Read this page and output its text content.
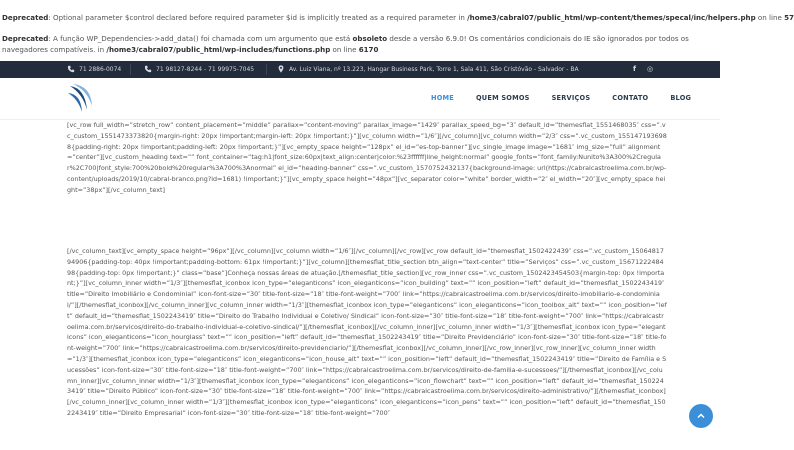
Deprecated: Optional parameter $control declared before required parameter $id is implicitly treated as a required parameter in /home3/cabral07/public_html/wp-content/themes/specal/inc/helpers.php on line 57
Deprecated: A função WP_Dependencies->add_data() foi chamada com um argumento que está obsoleto desde a versão 6.9.0! Os comentários condicionais do IE são ignorados por todos os navegadores compatíveis. in /home3/cabral07/public_html/wp-includes/functions.php on line 6170
71 2886-0074	71 98127-8244 - 71 99975-7045	Av. Luiz Viana, nº 13.223, Hangar Business Park, Torre 1, Sala 411, São Cristóvão - Salvador - BA	f ◎
HOME	QUEM SOMOS	SERVIÇOS	CONTATO	BLOG
[vc_row full_width=”stretch_row” content_placement=”middle” parallax=”content-moving” parallax_image=”1429″ parallax_speed_bg=”3″ default_id=”themesflat_1551468035″ css=”.vc_custom_1551473373820{margin-right: 20px !important;margin-left: 20px !important;}”][vc_column width=”1/6″][/vc_column][vc_column width=”2/3″ css=”.vc_custom_1551471936988{padding-right: 20px !important;padding-left: 20px !important;}”][vc_empty_space height=”128px” el_id=”es-top-banner”][vc_single_image image=”1681″ img_size=”full” alignment=”center”][vc_custom_heading text=”” font_container=”tag:h1|font_size:60px|text_align:center|color:%23ffffff|line_height:normal” google_fonts=”font_family:Nunito%3A300%2Cregular%2C700|font_style:700%20bold%20regular%3A700%3Anormal” el_id=”heading-banner” css=”.vc_custom_1570752432137{background-image: url(https://cabralcastroelima.com.br/wp-content/uploads/2019/10/cabral-branco.png?id=1681) !important;}”][vc_empty_space height=”48px”][vc_separator color=”white” border_width=”2″ el_width=”20″][vc_empty_space height=”38px”][/vc_column_text]
[/vc_column_text][vc_empty_space height=”96px”][/vc_column][vc_column width=”1/6″][/vc_column][/vc_row][vc_row default_id=”themesflat_1502422439″ css=”.vc_custom_1506481794906{padding-top: 40px !important;padding-bottom: 61px !important;}”][vc_column][themesflat_title_section btn_align=”text-center” title=”Serviços” css=”.vc_custom_1567122248498{padding-top: 0px !important;}” class=”base”]Conheça nossas áreas de atuação.[/themesflat_title_section][vc_row_inner css=”.vc_custom_1502423454503{margin-top: 0px !important;}”][vc_column_inner width=”1/3″][themesflat_iconbox icon_type=”eleganticons” icon_eleganticons=”icon_building” text=”” icon_position=”left” default_id=”themesflat_1502243419″ title=”Direito Imobiliário e Condominial” icon-font-size=”30″ title-font-size=”18″ title-font-weight=”700″ link=”https://cabralcastroelima.com.br/servicos/direito-imobiliario-e-condominial/”][/themesflat_iconbox][/vc_column_inner][vc_column_inner width=”1/3″][themesflat_iconbox icon_type=”eleganticons” icon_eleganticons=”icon_toolbox_alt” text=”” icon_position=”left” default_id=”themesflat_1502243419″ title=”Direito do Trabalho Individual e Coletivo/ Sindical” icon-font-size=”30″ title-font-size=”18″ title-font-weight=”700″ link=”https://cabralcastroelima.com.br/servicos/direito-do-trabalho-individual-e-coletivo-sindical/”][/themesflat_iconbox][/vc_column_inner][vc_column_inner width=”1/3″][themesflat_iconbox icon_type=”eleganticons” icon_eleganticons=”icon_hourglass” text=”” icon_position=”left” default_id=”themesflat_1502243419″ title=”Direito Previdenciário” icon-font-size=”30″ title-font-size=”18″ title-font-weight=”700″ link=”https://cabralcastroelima.com.br/servicos/direito-previdenciario/”][/themesflat_iconbox][/vc_column_inner][/vc_row_inner][vc_row_inner][vc_column_inner width=”1/3″][themesflat_iconbox icon_type=”eleganticons” icon_eleganticons=”icon_house_alt” text=”” icon_position=”left” default_id=”themesflat_1502243419″ title=”Direito de Família e Sucessões” icon-font-size=”30″ title-font-size=”18″ title-font-weight=”700″ link=”https://cabralcastroelima.com.br/servicos/direito-de-familia-e-sucessoes/”][/themesflat_iconbox][/vc_column_inner][vc_column_inner width=”1/3″][themesflat_iconbox icon_type=”eleganticons” icon_eleganticons=”icon_flowchart” text=”” icon_position=”left” default_id=”themesflat_1502243419″ title=”Direito Público” icon-font-size=”30″ title-font-size=”18″ title-font-weight=”700″ link=”https://cabralcastroelima.com.br/servicos/direito-administrativo/”][/themesflat_iconbox][/vc_column_inner][vc_column_inner width=”1/3″][themesflat_iconbox icon_type=”eleganticons” icon_eleganticons=”icon_pens” text=”” icon_position=”left” default_id=”themesflat_1502243419″ title=”Direito Empresarial” icon-font-size=”30″ title-font-size=”18″ title-font-weight=”700″
